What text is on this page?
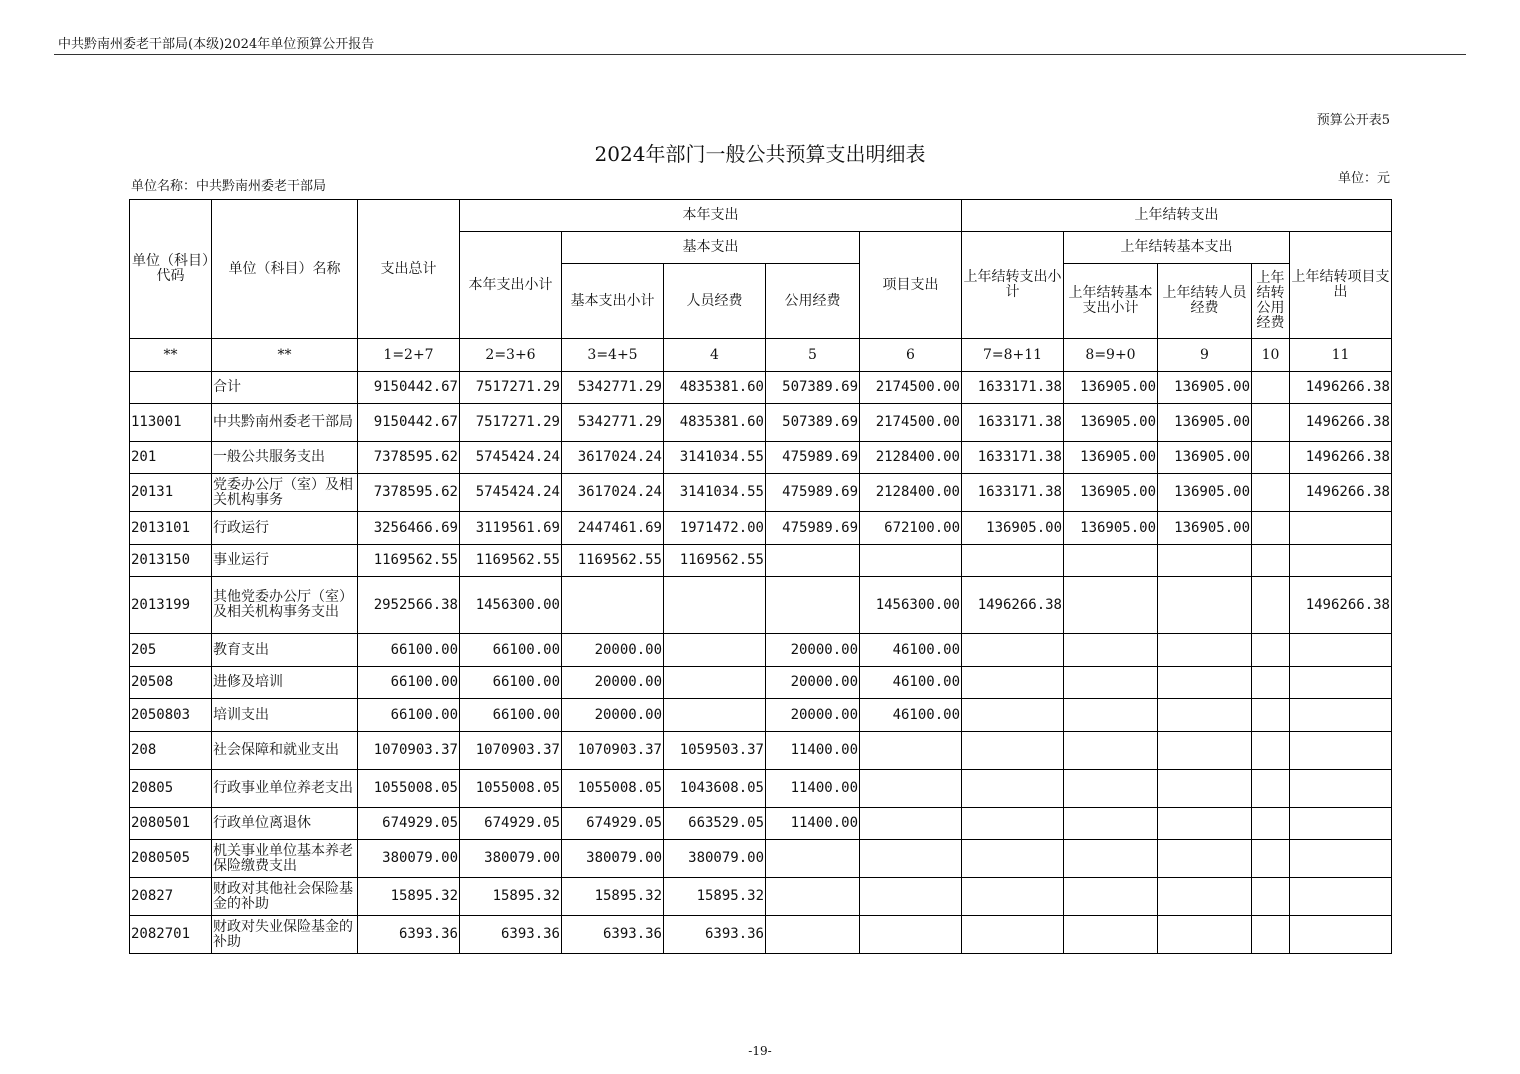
中共黔南州委老干部局(本级)2024年单位预算公开报告
预算公开表5
2024年部门一般公共预算支出明细表
单位名称：中共黔南州委老干部局
单位：元
单位（科目）代码	单位（科目）名称	支出总计	本年支出					上年结转支出				
			本年支出小计	基本支出			项目支出	上年结转支出小计	上年结转基本支出			上年结转项目支出
				基本支出小计	人员经费	公用经费			上年结转基本支出小计	上年结转人员经费	上年结转公用经费	
**	**	1=2+7	2=3+6	3=4+5	4	5	6	7=8+11	8=9+0	9	10	11
	合计	9150442.67	7517271.29	5342771.29	4835381.60	507389.69	2174500.00	1633171.38	136905.00	136905.00		1496266.38
113001	中共黔南州委老干部局	9150442.67	7517271.29	5342771.29	4835381.60	507389.69	2174500.00	1633171.38	136905.00	136905.00		1496266.38
201	一般公共服务支出	7378595.62	5745424.24	3617024.24	3141034.55	475989.69	2128400.00	1633171.38	136905.00	136905.00		1496266.38
20131	党委办公厅（室）及相关机构事务	7378595.62	5745424.24	3617024.24	3141034.55	475989.69	2128400.00	1633171.38	136905.00	136905.00		1496266.38
2013101	行政运行	3256466.69	3119561.69	2447461.69	1971472.00	475989.69	672100.00	136905.00	136905.00	136905.00		
2013150	事业运行	1169562.55	1169562.55	1169562.55	1169562.55							
2013199	其他党委办公厅（室）及相关机构事务支出	2952566.38	1456300.00				1456300.00	1496266.38				1496266.38
205	教育支出	66100.00	66100.00	20000.00		20000.00	46100.00					
20508	进修及培训	66100.00	66100.00	20000.00		20000.00	46100.00					
2050803	培训支出	66100.00	66100.00	20000.00		20000.00	46100.00					
208	社会保障和就业支出	1070903.37	1070903.37	1070903.37	1059503.37	11400.00						
20805	行政事业单位养老支出	1055008.05	1055008.05	1055008.05	1043608.05	11400.00						
2080501	行政单位离退休	674929.05	674929.05	674929.05	663529.05	11400.00						
2080505	机关事业单位基本养老保险缴费支出	380079.00	380079.00	380079.00	380079.00							
20827	财政对其他社会保险基金的补助	15895.32	15895.32	15895.32	15895.32							
2082701	财政对失业保险基金的补助	6393.36	6393.36	6393.36	6393.36							
-19-
